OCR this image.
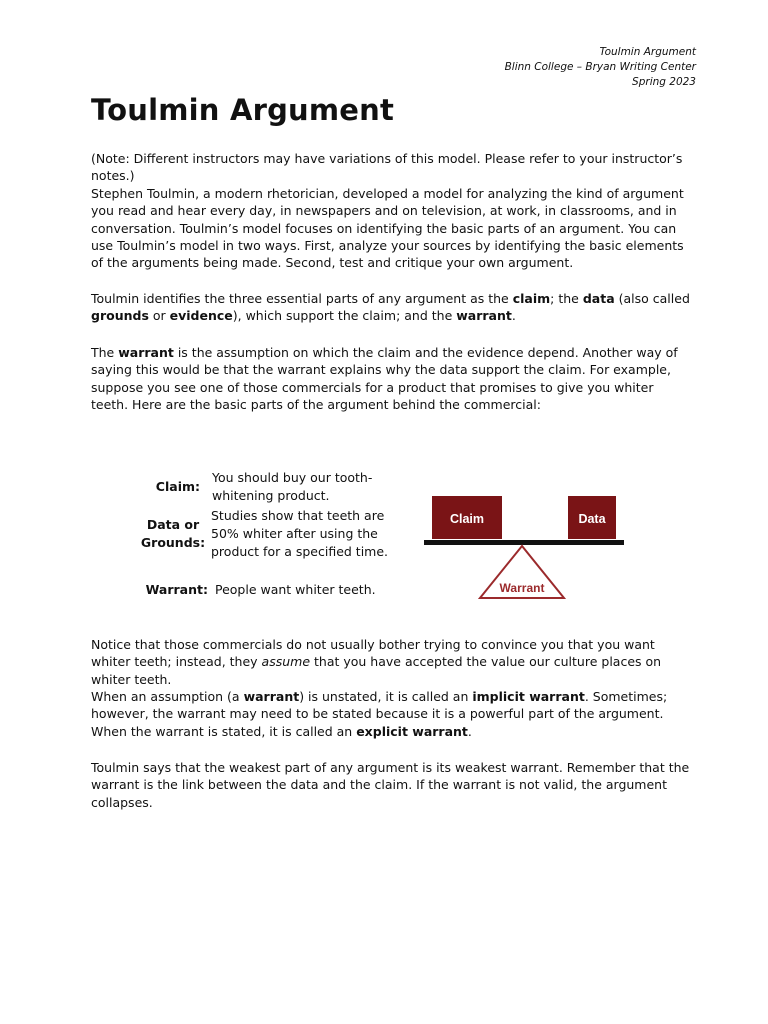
Toulmin Argument
Blinn College – Bryan Writing Center
Spring 2023
Toulmin Argument

(Note: Different instructors may have variations of this model. Please refer to your instructor’s notes.)

Stephen Toulmin, a modern rhetorician, developed a model for analyzing the kind of argument you read and hear every day, in newspapers and on television, at work, in classrooms, and in conversation. Toulmin’s model focuses on identifying the basic parts of an argument. You can use Toulmin’s model in two ways. First, analyze your sources by identifying the basic elements of the arguments being made. Second, test and critique your own argument.

Toulmin identifies the three essential parts of any argument as the claim; the data (also called grounds or evidence), which support the claim; and the warrant.

The warrant is the assumption on which the claim and the evidence depend. Another way of saying this would be that the warrant explains why the data support the claim. For example, suppose you see one of those commercials for a product that promises to give you whiter teeth. Here are the basic parts of the argument behind the commercial:

Claim:
You should buy our tooth-whitening product.
Data or Grounds:
Studies show that teeth are 50% whiter after using the product for a specified time.
Warrant: People want whiter teeth.
Claim	Data
Warrant

Notice that those commercials do not usually bother trying to convince you that you want whiter teeth; instead, they assume that you have accepted the value our culture places on whiter teeth.

When an assumption (a warrant) is unstated, it is called an implicit warrant. Sometimes; however, the warrant may need to be stated because it is a powerful part of the argument. When the warrant is stated, it is called an explicit warrant.

Toulmin says that the weakest part of any argument is its weakest warrant. Remember that the warrant is the link between the data and the claim. If the warrant is not valid, the argument collapses.
